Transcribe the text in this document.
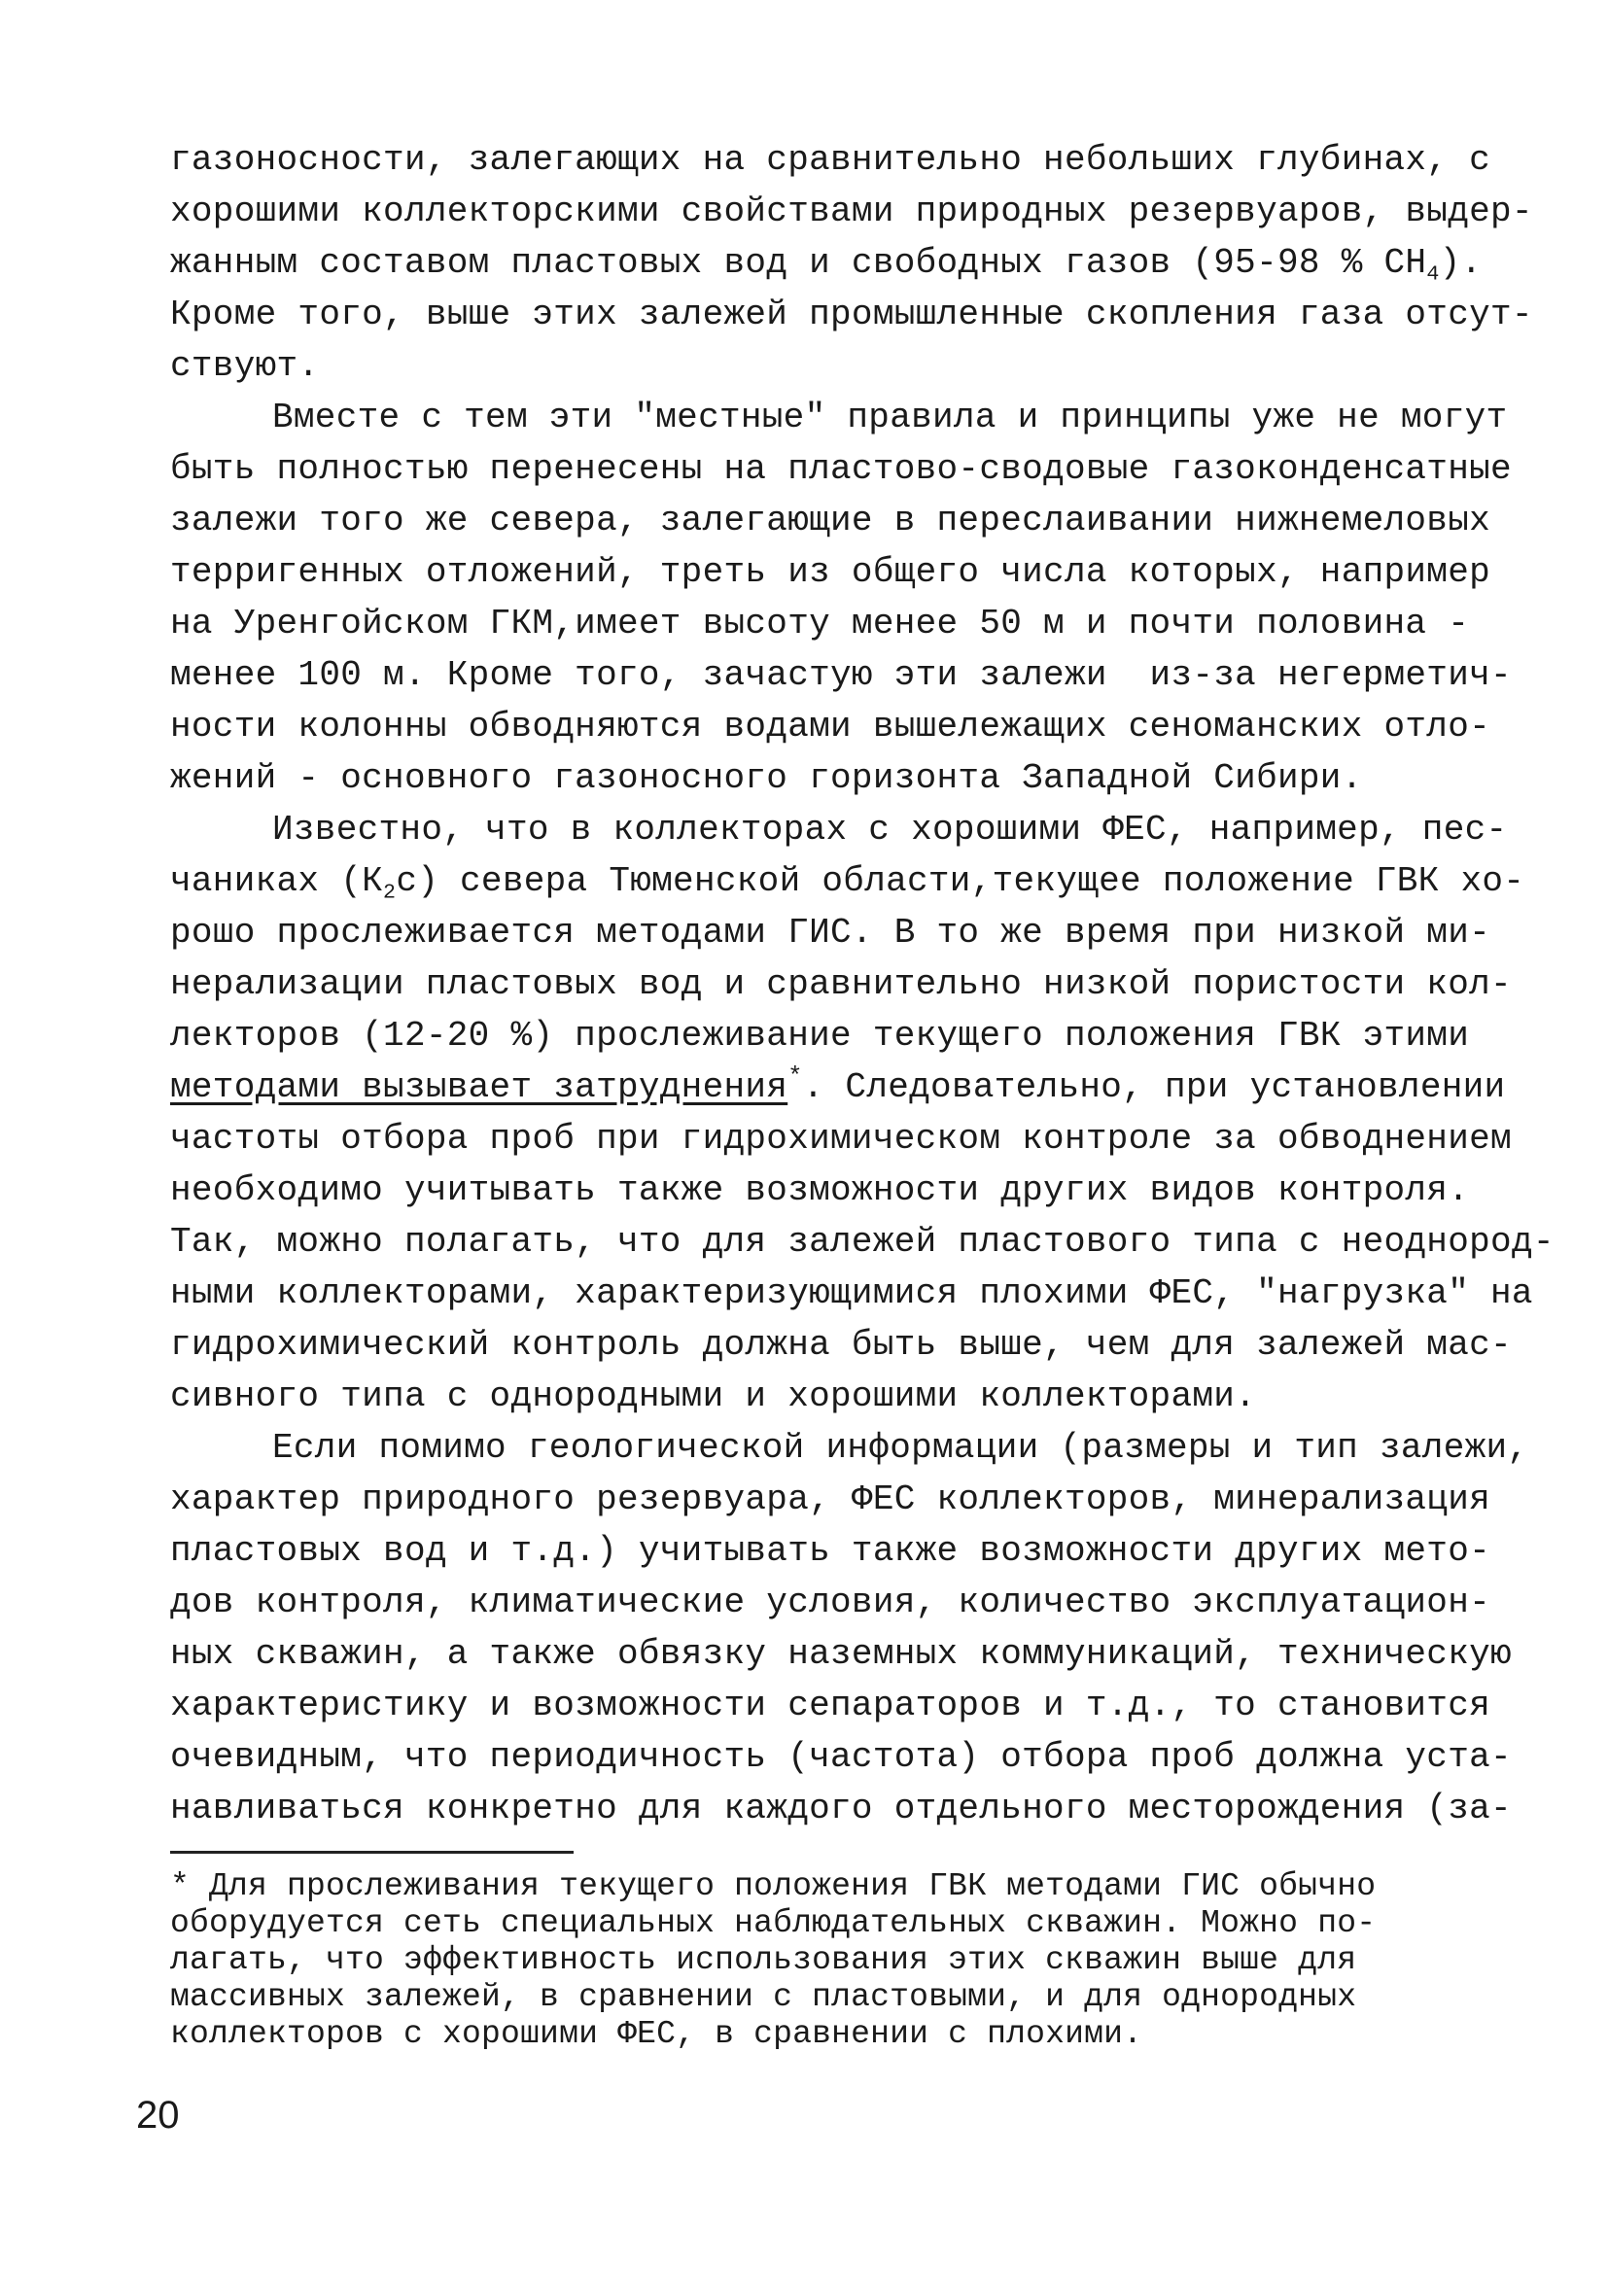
газоносности, залегающих на сравнительно небольших глубинах, с
хорошими коллекторскими свойствами природных резервуаров, выдер-
жанным составом пластовых вод и свободных газов (95-98 % $СН_4$).
Кроме того, выше этих залежей промышленные скопления газа отсут-
ствуют.
Вместе с тем эти "местные" правила и принципы уже не могут
быть полностью перенесены на пластово-сводовые газоконденсатные
залежи того же севера, залегающие в переслаивании нижнемеловых
терригенных отложений, треть из общего числа которых, например
на Уренгойском ГКМ,имеет высоту менее 50 м и почти половина -
менее 100 м. Кроме того, зачастую эти залежи  из-за негерметич-
ности колонны обводняются водами вышележащих сеноманских отло-
жений - основного газоносного горизонта Западной Сибири.
Известно, что в коллекторах с хорошими ФЕС, например, пес-
чаниках $(К_2с)$ севера Тюменской области,текущее положение ГВК хо-
рошо прослеживается методами ГИС. В то же время при низкой ми-
нерализации пластовых вод и сравнительно низкой пористости кол-
лекторов (12-20 %) прослеживание текущего положения ГВК этими
методами вызывает затруднения*. Следовательно, при установлении
частоты отбора проб при гидрохимическом контроле за обводнением
необходимо учитывать также возможности других видов контроля.
Так, можно полагать, что для залежей пластового типа с неоднород-
ными коллекторами, характеризующимися плохими ФЕС, "нагрузка" на
гидрохимический контроль должна быть выше, чем для залежей мас-
сивного типа с однородными и хорошими коллекторами.
Если помимо геологической информации (размеры и тип залежи,
характер природного резервуара, ФЕС коллекторов, минерализация
пластовых вод и т.д.) учитывать также возможности других мето-
дов контроля, климатические условия, количество эксплуатацион-
ных скважин, а также обвязку наземных коммуникаций, техническую
характеристику и возможности сепараторов и т.д., то становится
очевидным, что периодичность (частота) отбора проб должна уста-
навливаться конкретно для каждого отдельного месторождения (за-
* Для прослеживания текущего положения ГВК методами ГИС обычно
оборудуется сеть специальных наблюдательных скважин. Можно по-
лагать, что эффективность использования этих скважин выше для
массивных залежей, в сравнении с пластовыми, и для однородных
коллекторов с хорошими ФЕС, в сравнении с плохими.
20
